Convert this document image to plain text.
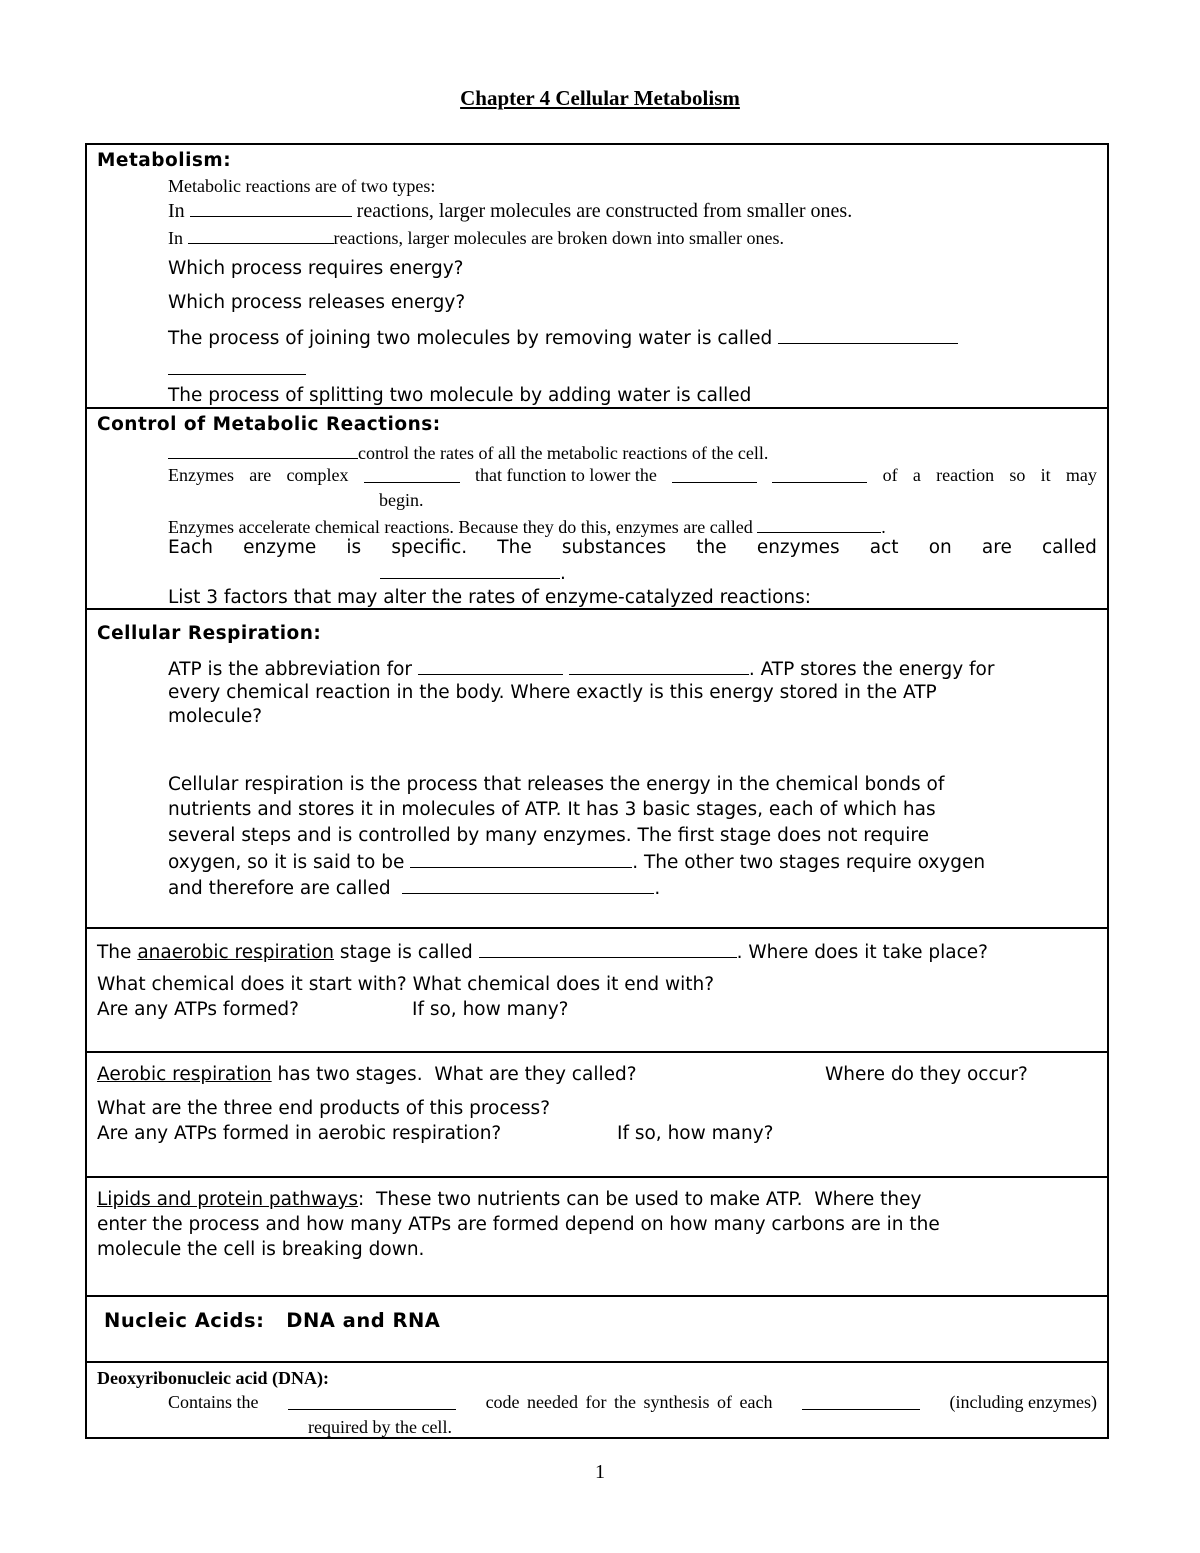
Chapter 4 Cellular Metabolism
Metabolism:
Metabolic reactions are of two types:
In	reactions, larger molecules are constructed from smaller ones.
In	reactions, larger molecules are broken down into smaller ones.
Which process requires energy?
Which process releases energy?
The process of joining two molecules by removing water is called
The process of splitting two molecule by adding water is called
Control of Metabolic Reactions:
control the rates of all the metabolic reactions of the cell.
Enzymes are complex	that function to lower the	of a reaction so it may
begin.
Enzymes accelerate chemical reactions. Because they do this, enzymes are called	.
Each enzyme is specific. The substances the enzymes act on are called
.
List 3 factors that may alter the rates of enzyme-catalyzed reactions:
Cellular Respiration:
ATP is the abbreviation for	. ATP stores the energy for
every chemical reaction in the body. Where exactly is this energy stored in the ATP
molecule?
Cellular respiration is the process that releases the energy in the chemical bonds of
nutrients and stores it in molecules of ATP. It has 3 basic stages, each of which has
several steps and is controlled by many enzymes. The first stage does not require
oxygen, so it is said to be	. The other two stages require oxygen
and therefore are called	.
The anaerobic respiration stage is called	. Where does it take place?
What chemical does it start with? What chemical does it end with?
Are any ATPs formed?	If so, how many?
Aerobic respiration has two stages.  What are they called?	Where do they occur?
What are the three end products of this process?
Are any ATPs formed in aerobic respiration?	If so, how many?
Lipids and protein pathways:  These two nutrients can be used to make ATP.  Where they
enter the process and how many ATPs are formed depend on how many carbons are in the
molecule the cell is breaking down.
Nucleic Acids:   DNA and RNA
Deoxyribonucleic acid (DNA):
Contains the	code needed for the synthesis of each	(including enzymes)
required by the cell.
1
